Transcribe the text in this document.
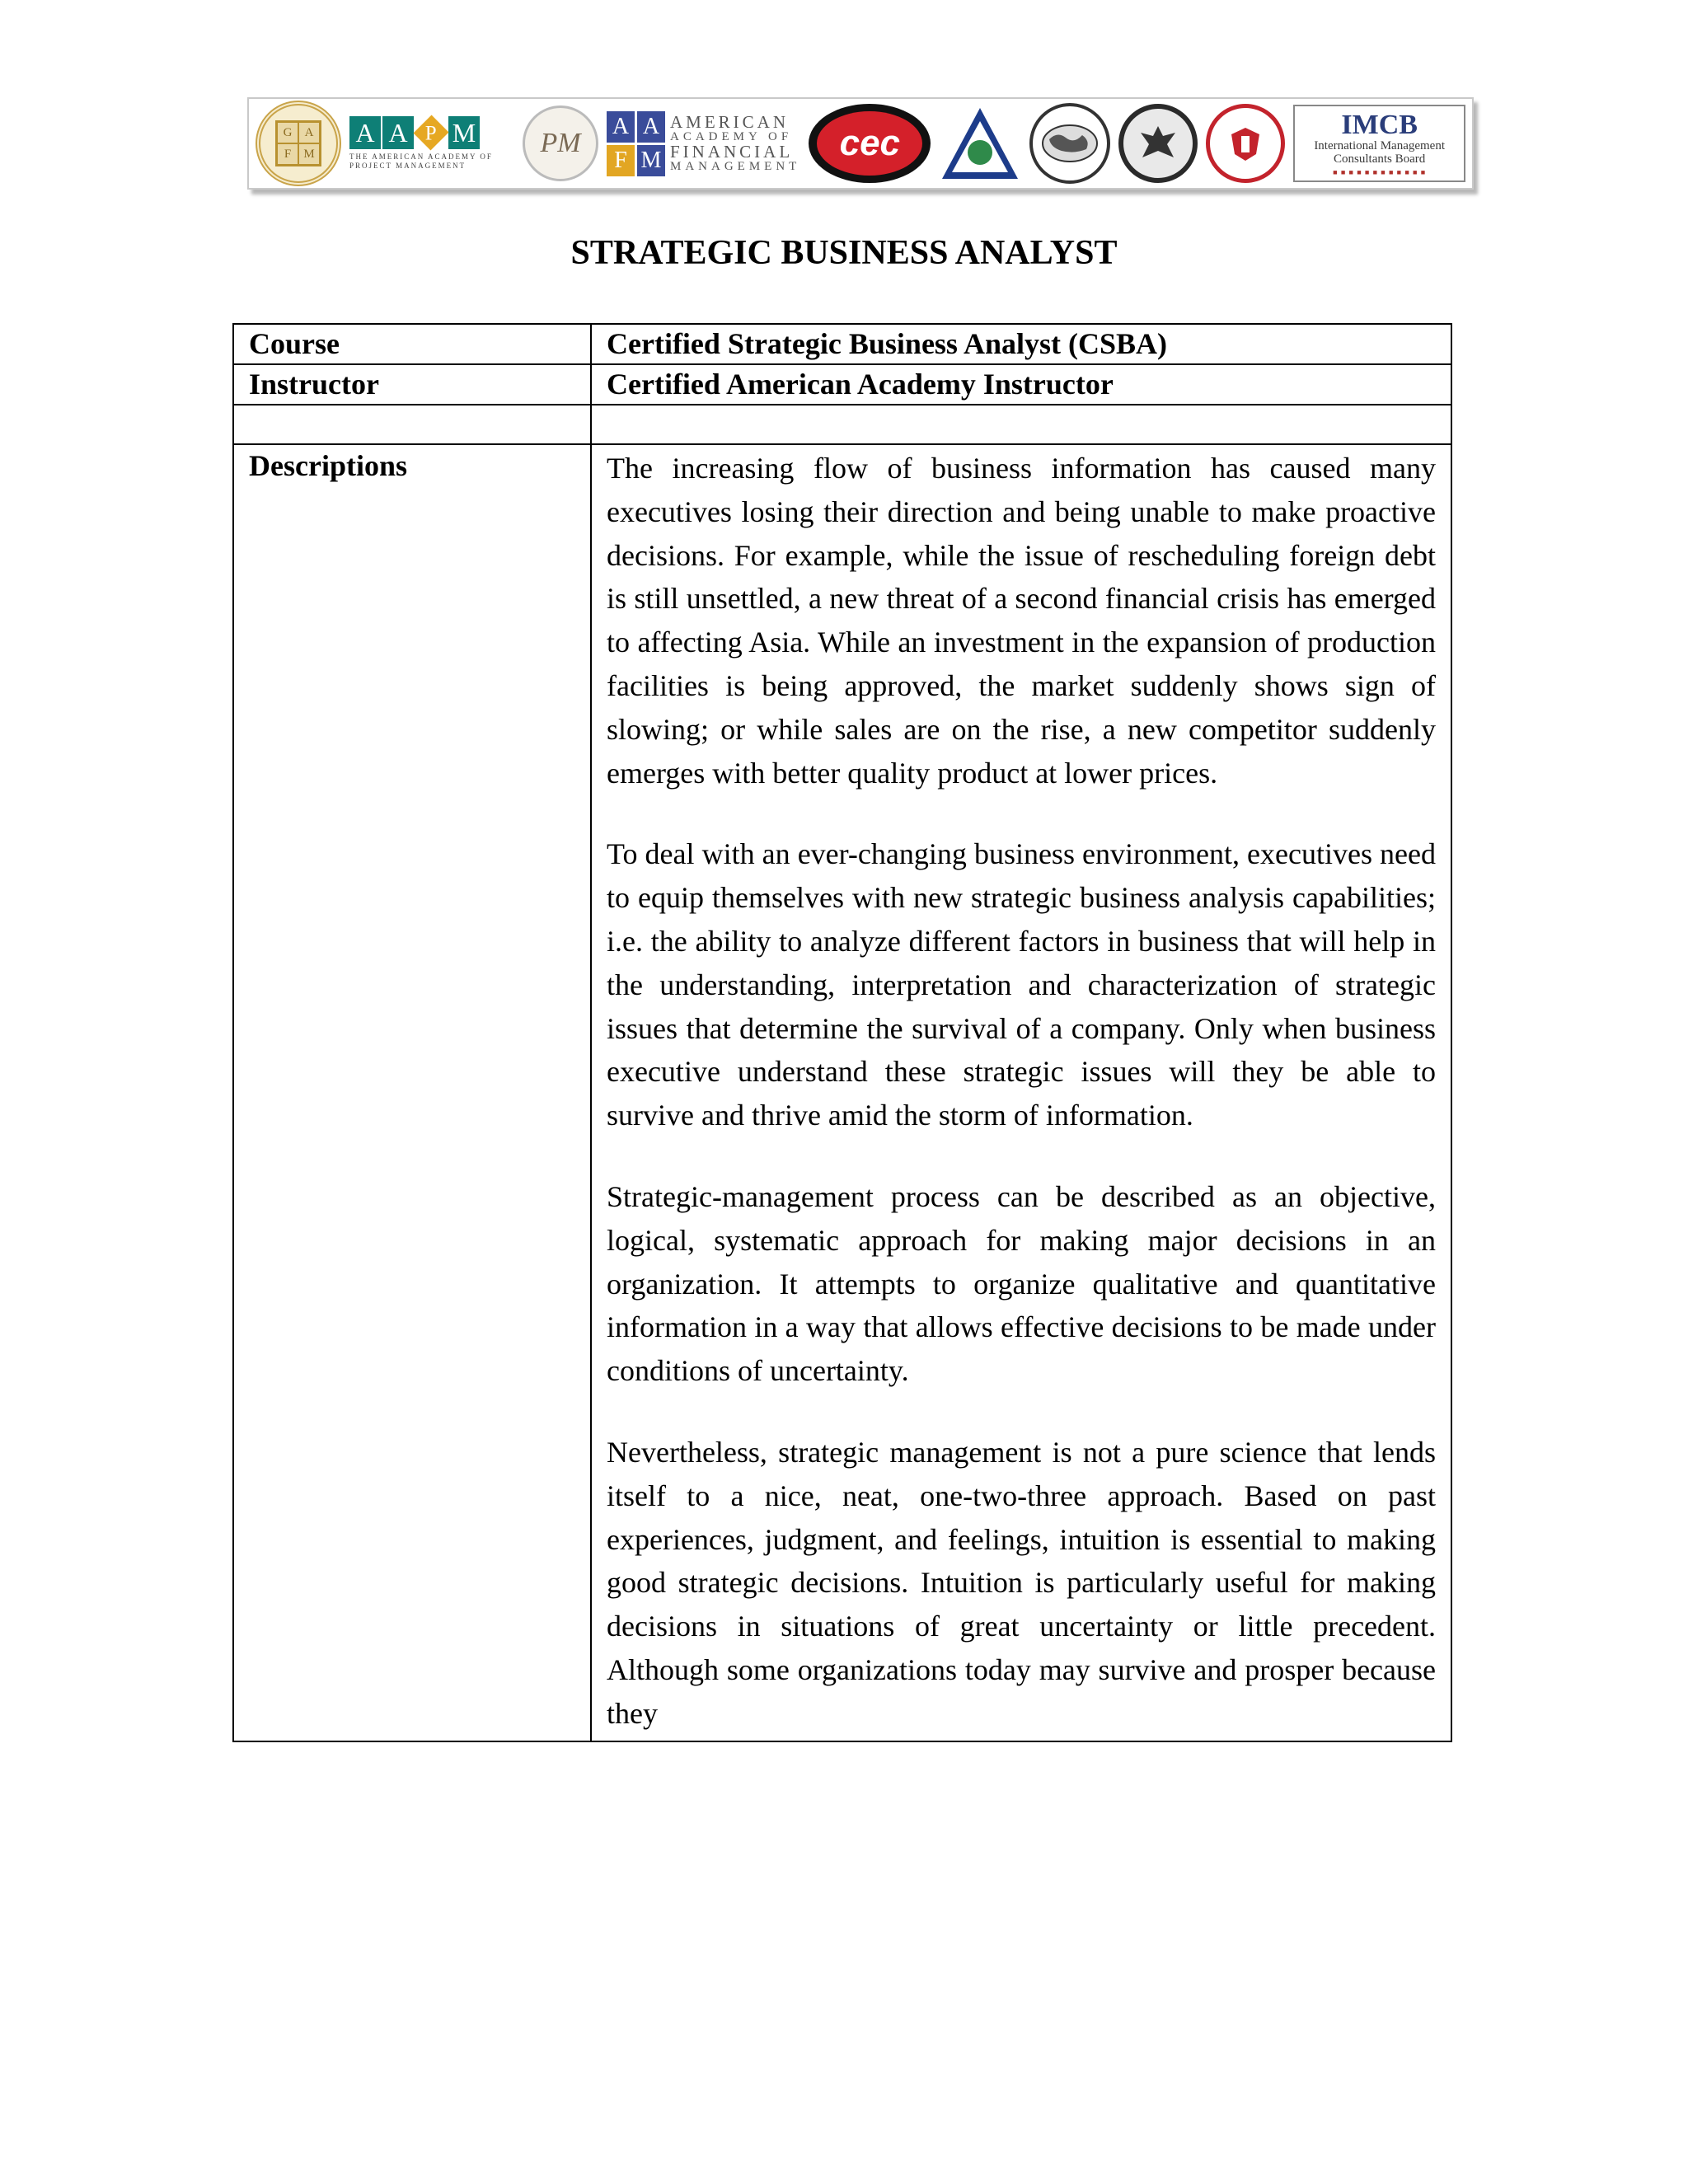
G	A
F	M
A A P M
THE AMERICAN ACADEMY OF PROJECT MANAGEMENT
PM
A A
F M
AMERICAN
ACADEMY OF
FINANCIAL
MANAGEMENT
cec	IMCB
International Management Consultants Board
■ ■ ■ ■ ■ ■ ■ ■ ■ ■ ■ ■
STRATEGIC BUSINESS ANALYST
Course	Certified Strategic Business Analyst (CSBA)
Instructor	Certified American Academy Instructor

Descriptions	The increasing flow of business information has caused many executives losing their direction and being unable to make proactive decisions. For example, while the issue of rescheduling foreign debt is still unsettled, a new threat of a second financial crisis has emerged to affecting Asia. While an investment in the expansion of production facilities is being approved, the market suddenly shows sign of slowing; or while sales are on the rise, a new competitor suddenly emerges with better quality product at lower prices.

To deal with an ever-changing business environment, executives need to equip themselves with new strategic business analysis capabilities; i.e. the ability to analyze different factors in business that will help in the understanding, interpretation and characterization of strategic issues that determine the survival of a company. Only when business executive understand these strategic issues will they be able to survive and thrive amid the storm of information.

Strategic-management process can be described as an objective, logical, systematic approach for making major decisions in an organization. It attempts to organize qualitative and quantitative information in a way that allows effective decisions to be made under conditions of uncertainty.

Nevertheless, strategic management is not a pure science that lends itself to a nice, neat, one-two-three approach. Based on past experiences, judgment, and feelings, intuition is essential to making good strategic decisions. Intuition is particularly useful for making decisions in situations of great uncertainty or little precedent. Although some organizations today may survive and prosper because they
